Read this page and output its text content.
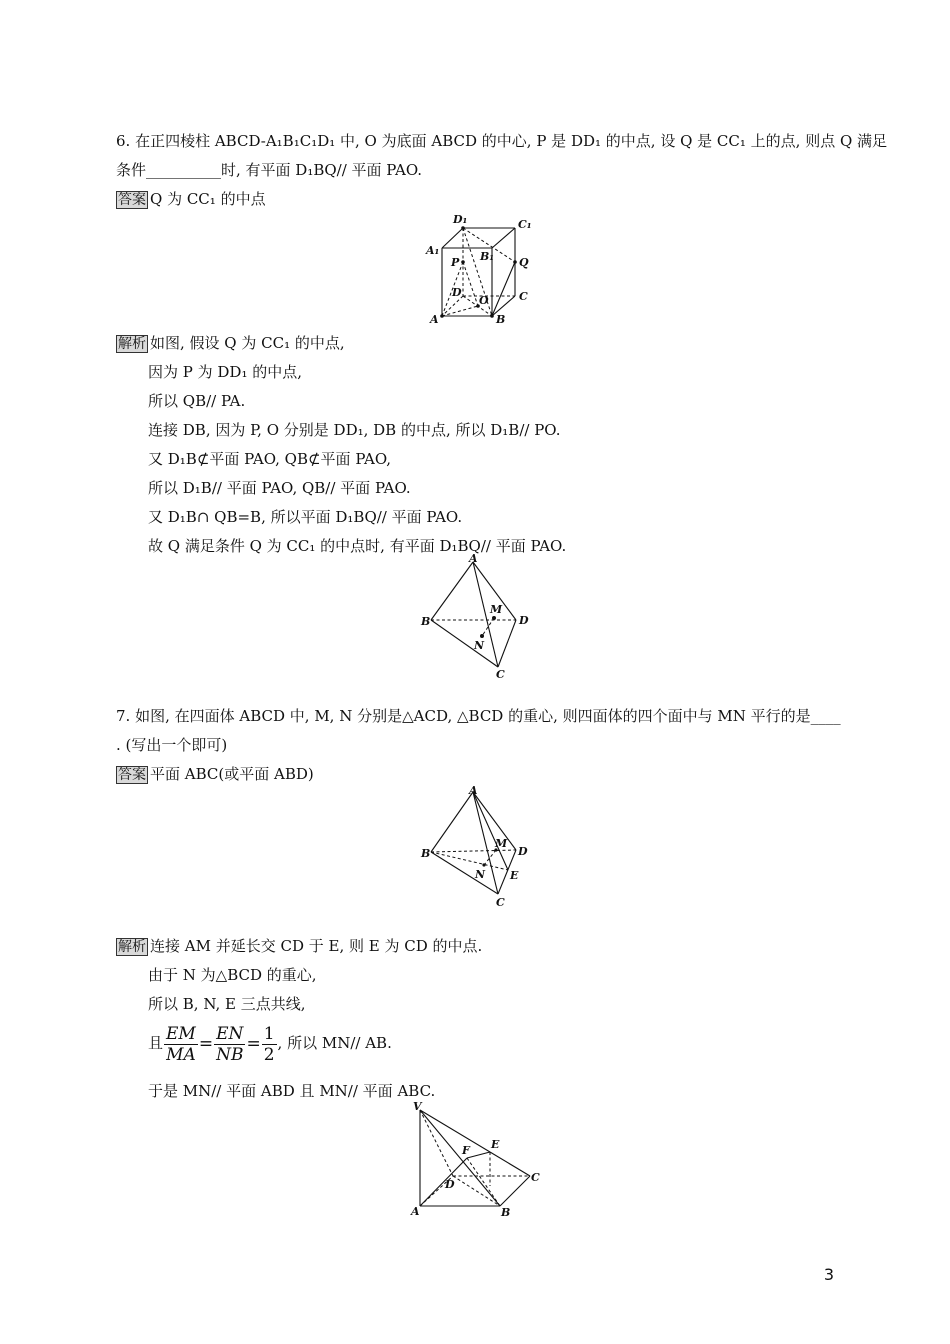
6. 在正四棱柱 ABCD-A₁B₁C₁D₁ 中, O 为底面 ABCD 的中心, P 是 DD₁ 的中点, 设 Q 是 CC₁ 上的点, 则点 Q 满足
条件__________时, 有平面 D₁BQ// 平面 PAO.
答案 Q 为 CC₁ 的中点
D₁	C₁
A₁	B₁
P	Q
D
O	C
A	B
解析 如图, 假设 Q 为 CC₁ 的中点,
因为 P 为 DD₁ 的中点,
所以 QB// PA.
连接 DB, 因为 P, O 分别是 DD₁, DB 的中点, 所以 D₁B// PO.
又 D₁B⊄平面 PAO, QB⊄平面 PAO,
所以 D₁B// 平面 PAO, QB// 平面 PAO.
又 D₁B∩ QB=B, 所以平面 D₁BQ// 平面 PAO.
故 Q 满足条件 Q 为 CC₁ 的中点时, 有平面 D₁BQ// 平面 PAO.
A
B	D
M
N
C
7. 如图, 在四面体 ABCD 中, M, N 分别是△ACD, △BCD 的重心, 则四面体的四个面中与 MN 平行的是____
. (写出一个即可)
答案 平面 ABC(或平面 ABD)
A
B	D
M
N E
C
解析 连接 AM 并延长交 CD 于 E, 则 E 为 CD 的中点.
由于 N 为△BCD 的重心,
所以 B, N, E 三点共线,
且 $\frac{EM}{MA} = \frac{EN}{NB} = \frac{1}{2}$ , 所以 MN// AB.
于是 MN// 平面 ABD 且 MN// 平面 ABC.
V
E
F
C
D
A	B
3
